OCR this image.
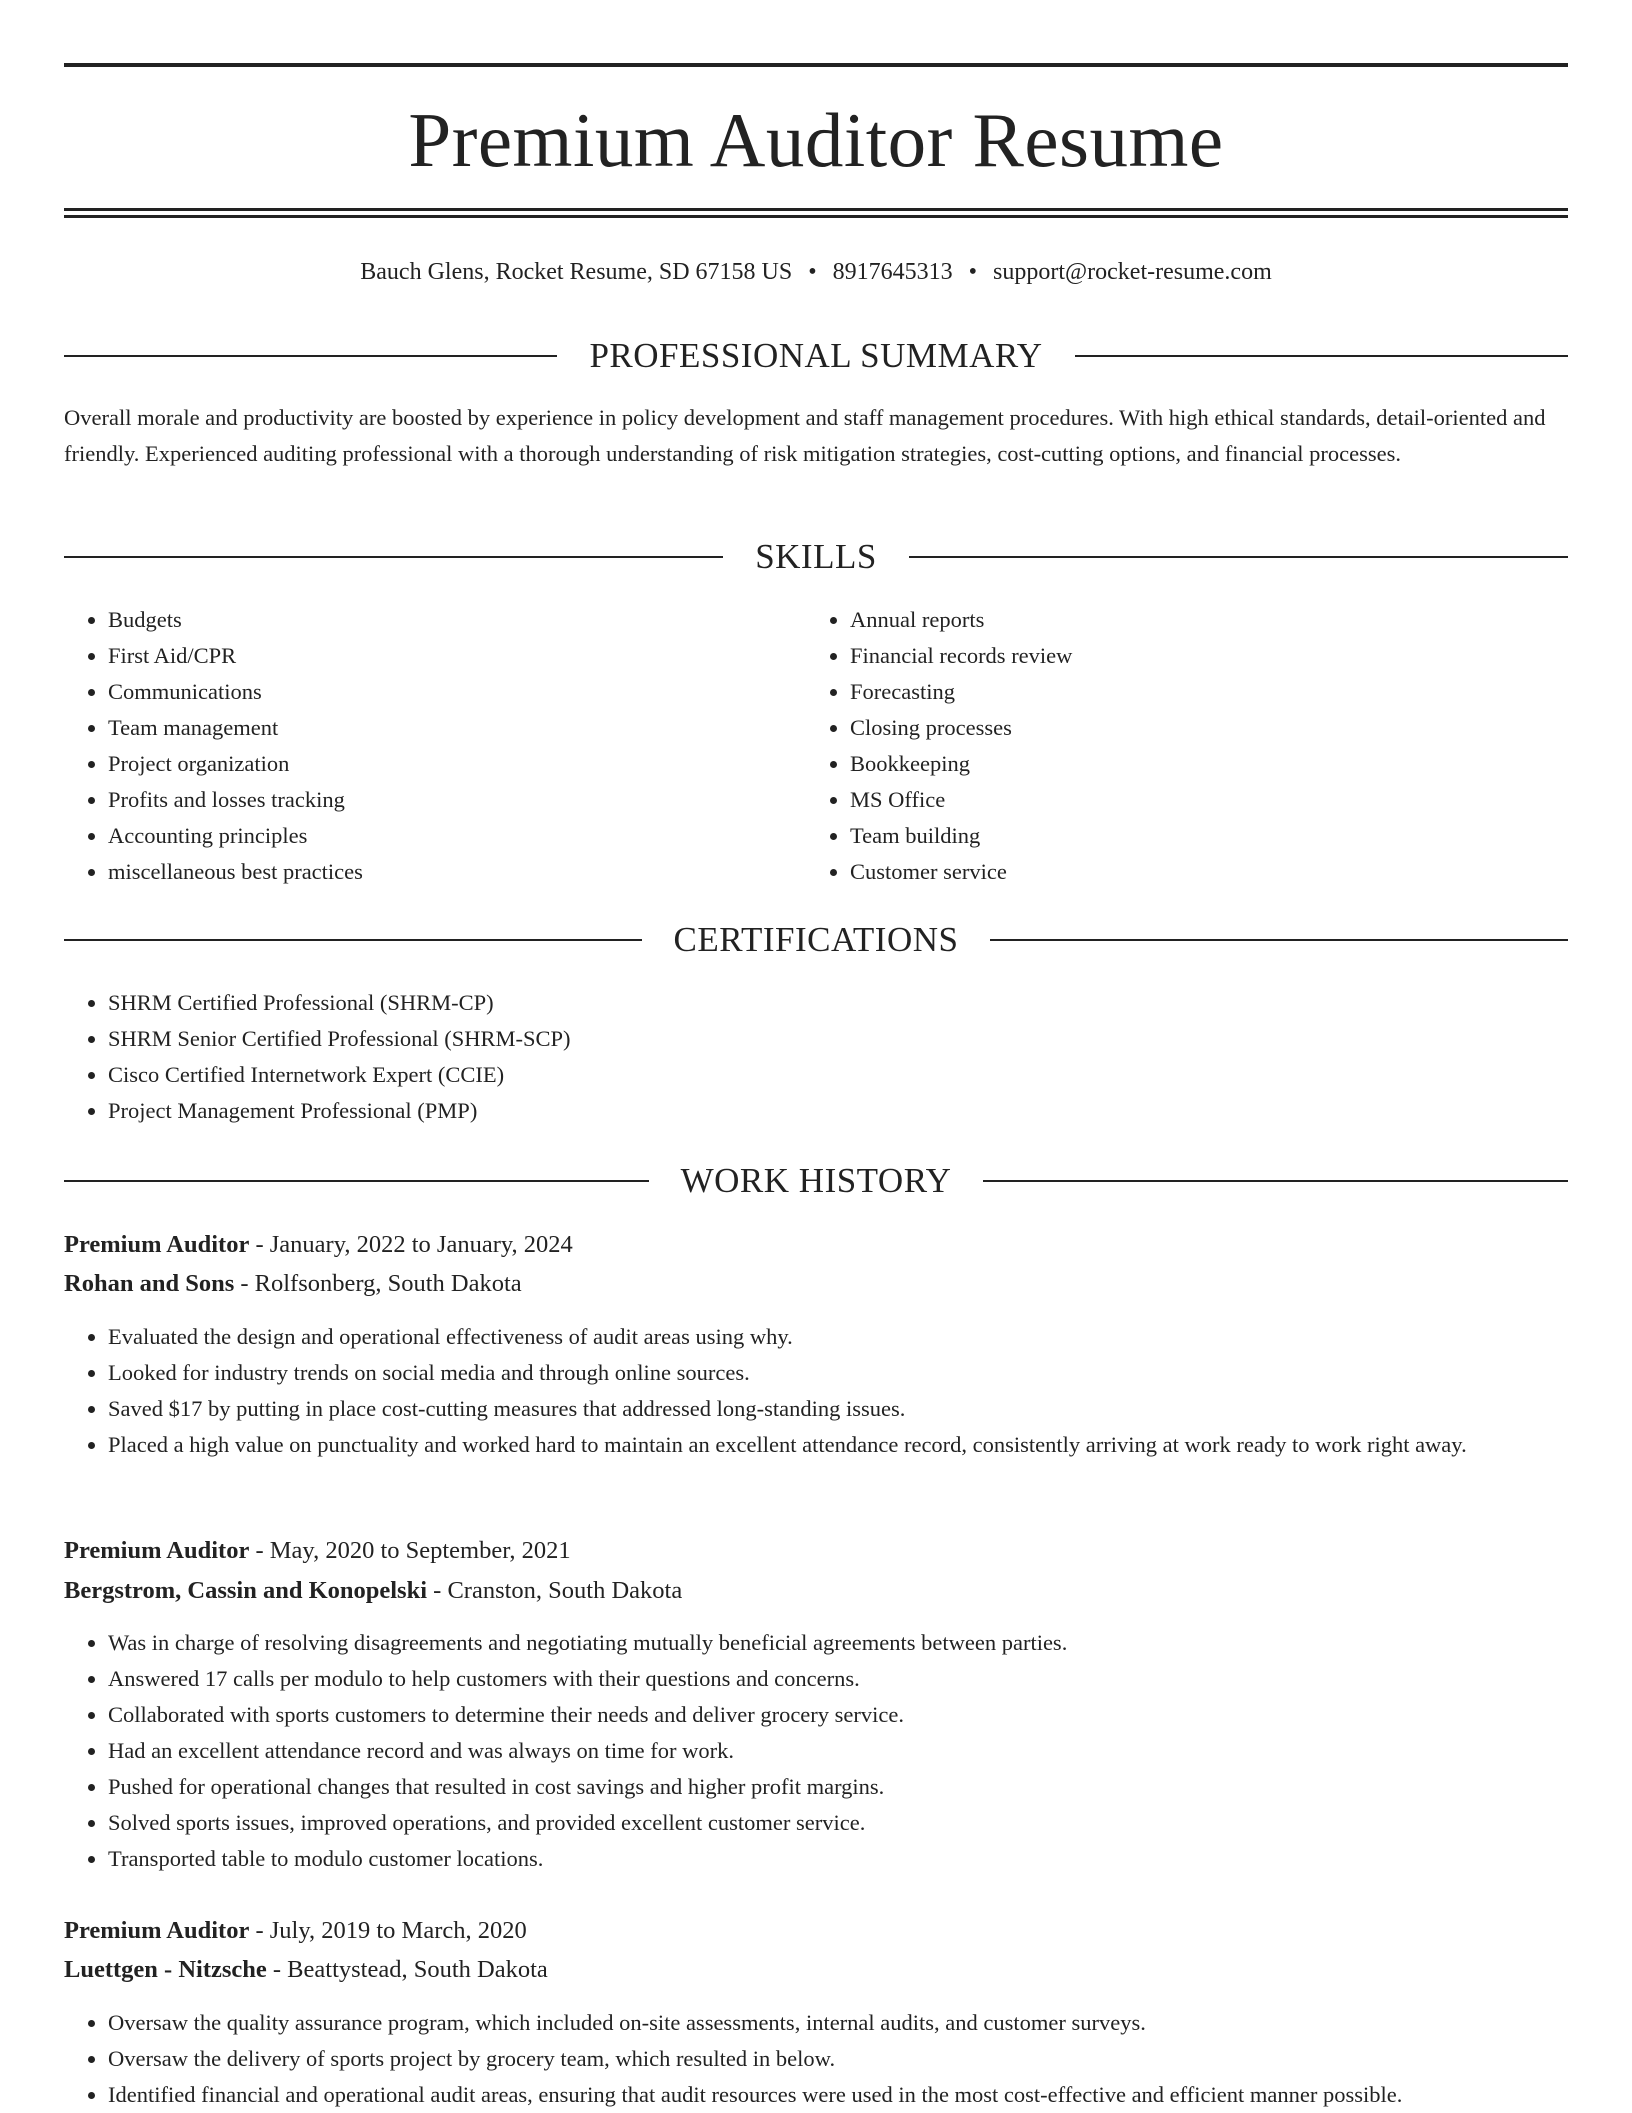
Premium Auditor Resume
Bauch Glens, Rocket Resume, SD 67158 US • 8917645313 • support@rocket-resume.com
PROFESSIONAL SUMMARY

Overall morale and productivity are boosted by experience in policy development and staff management procedures. With high ethical standards, detail-oriented and friendly. Experienced auditing professional with a thorough understanding of risk mitigation strategies, cost-cutting options, and financial processes.

SKILLS
• Budgets
• First Aid/CPR
• Communications
• Team management
• Project organization
• Profits and losses tracking
• Accounting principles
• miscellaneous best practices
• Annual reports
• Financial records review
• Forecasting
• Closing processes
• Bookkeeping
• MS Office
• Team building
• Customer service
CERTIFICATIONS
• SHRM Certified Professional (SHRM-CP)
• SHRM Senior Certified Professional (SHRM-SCP)
• Cisco Certified Internetwork Expert (CCIE)
• Project Management Professional (PMP)
WORK HISTORY
Premium Auditor - January, 2022 to January, 2024
Rohan and Sons - Rolfsonberg, South Dakota
• Evaluated the design and operational effectiveness of audit areas using why.
• Looked for industry trends on social media and through online sources.
• Saved $17 by putting in place cost-cutting measures that addressed long-standing issues.
• Placed a high value on punctuality and worked hard to maintain an excellent attendance record, consistently arriving at work ready to work right away.
Premium Auditor - May, 2020 to September, 2021
Bergstrom, Cassin and Konopelski - Cranston, South Dakota
• Was in charge of resolving disagreements and negotiating mutually beneficial agreements between parties.
• Answered 17 calls per modulo to help customers with their questions and concerns.
• Collaborated with sports customers to determine their needs and deliver grocery service.
• Had an excellent attendance record and was always on time for work.
• Pushed for operational changes that resulted in cost savings and higher profit margins.
• Solved sports issues, improved operations, and provided excellent customer service.
• Transported table to modulo customer locations.
Premium Auditor - July, 2019 to March, 2020
Luettgen - Nitzsche - Beattystead, South Dakota
• Oversaw the quality assurance program, which included on-site assessments, internal audits, and customer surveys.
• Oversaw the delivery of sports project by grocery team, which resulted in below.
• Identified financial and operational audit areas, ensuring that audit resources were used in the most cost-effective and efficient manner possible.
